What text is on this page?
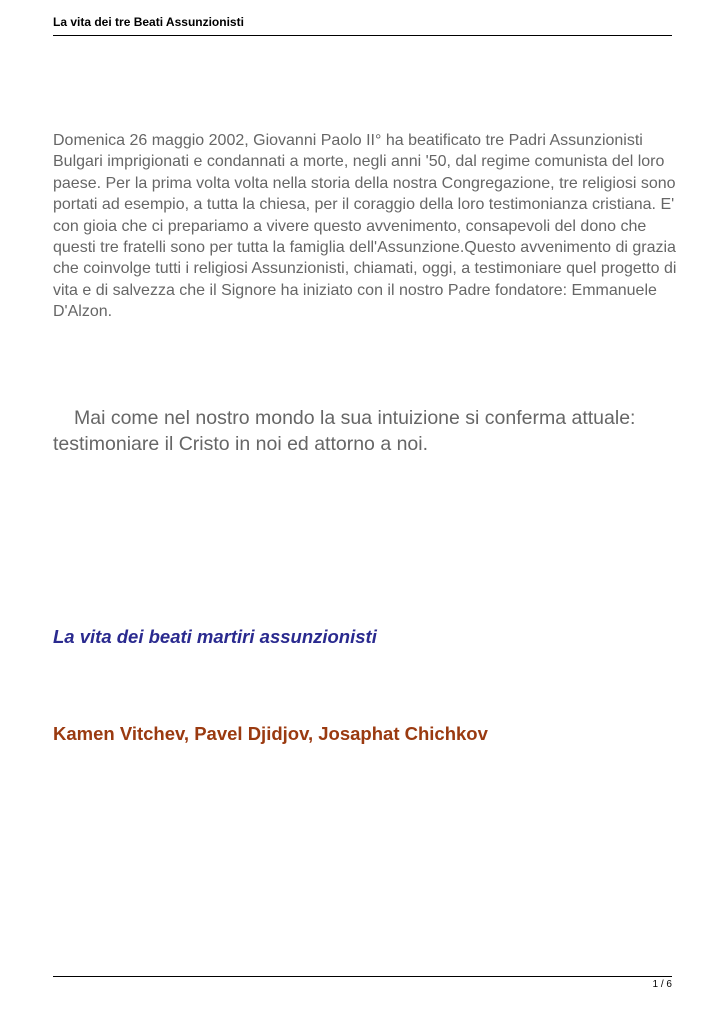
La vita dei tre Beati Assunzionisti

Domenica 26 maggio 2002, Giovanni Paolo II° ha beatificato tre Padri Assunzionisti Bulgari imprigionati e condannati a morte, negli anni '50, dal regime comunista del loro paese. Per la prima volta volta nella storia della nostra Congregazione, tre religiosi sono portati ad esempio, a tutta la chiesa, per il coraggio della loro testimonianza cristiana. E' con gioia che ci prepariamo a vivere questo avvenimento, consapevoli del dono che questi tre fratelli sono per tutta la famiglia dell'Assunzione.Questo avvenimento di grazia che coinvolge tutti i religiosi Assunzionisti, chiamati, oggi, a testimoniare quel progetto di vita e di salvezza che il Signore ha iniziato con il nostro Padre fondatore: Emmanuele D'Alzon.

Mai come nel nostro mondo la sua intuizione si conferma attuale: testimoniare il Cristo in noi ed attorno a noi.

La vita dei beati martiri assunzionisti
Kamen Vitchev, Pavel Djidjov, Josaphat Chichkov
1 / 6
